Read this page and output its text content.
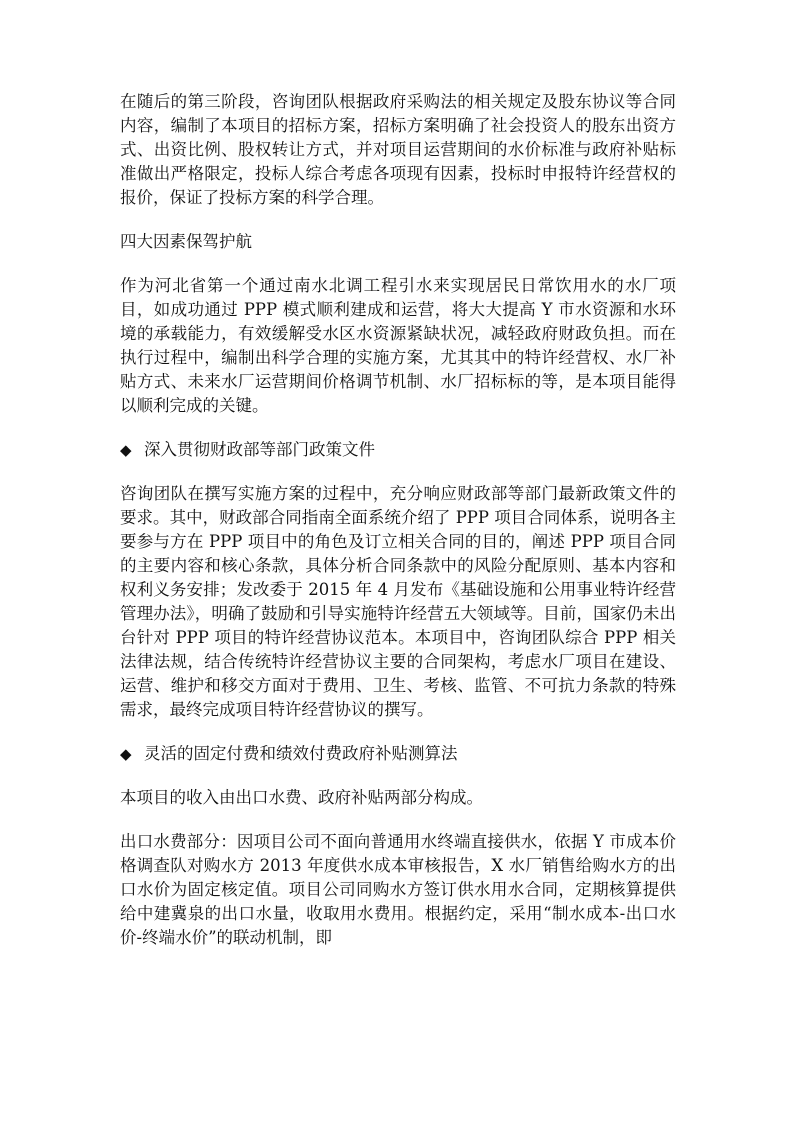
在随后的第三阶段，咨询团队根据政府采购法的相关规定及股东协议等合同内容，编制了本项目的招标方案，招标方案明确了社会投资人的股东出资方式、出资比例、股权转让方式，并对项目运营期间的水价标准与政府补贴标准做出严格限定，投标人综合考虑各项现有因素，投标时申报特许经营权的报价，保证了投标方案的科学合理。

四大因素保驾护航

作为河北省第一个通过南水北调工程引水来实现居民日常饮用水的水厂项目，如成功通过 PPP 模式顺利建成和运营，将大大提高 Y 市水资源和水环境的承载能力，有效缓解受水区水资源紧缺状况，减轻政府财政负担。而在执行过程中，编制出科学合理的实施方案，尤其其中的特许经营权、水厂补贴方式、未来水厂运营期间价格调节机制、水厂招标标的等，是本项目能得以顺利完成的关键。

◆ 深入贯彻财政部等部门政策文件

咨询团队在撰写实施方案的过程中，充分响应财政部等部门最新政策文件的要求。其中，财政部合同指南全面系统介绍了 PPP 项目合同体系，说明各主要参与方在 PPP 项目中的角色及订立相关合同的目的，阐述 PPP 项目合同的主要内容和核心条款，具体分析合同条款中的风险分配原则、基本内容和权利义务安排；发改委于 2015 年 4 月发布《基础设施和公用事业特许经营管理办法》，明确了鼓励和引导实施特许经营五大领域等。目前，国家仍未出台针对 PPP 项目的特许经营协议范本。本项目中，咨询团队综合 PPP 相关法律法规，结合传统特许经营协议主要的合同架构，考虑水厂项目在建设、运营、维护和移交方面对于费用、卫生、考核、监管、不可抗力条款的特殊需求，最终完成项目特许经营协议的撰写。

◆ 灵活的固定付费和绩效付费政府补贴测算法

本项目的收入由出口水费、政府补贴两部分构成。

出口水费部分：因项目公司不面向普通用水终端直接供水，依据 Y 市成本价格调查队对购水方 2013 年度供水成本审核报告，X 水厂销售给购水方的出口水价为固定核定值。项目公司同购水方签订供水用水合同，定期核算提供给中建冀泉的出口水量，收取用水费用。根据约定，采用“制水成本-出口水价-终端水价”的联动机制，即
